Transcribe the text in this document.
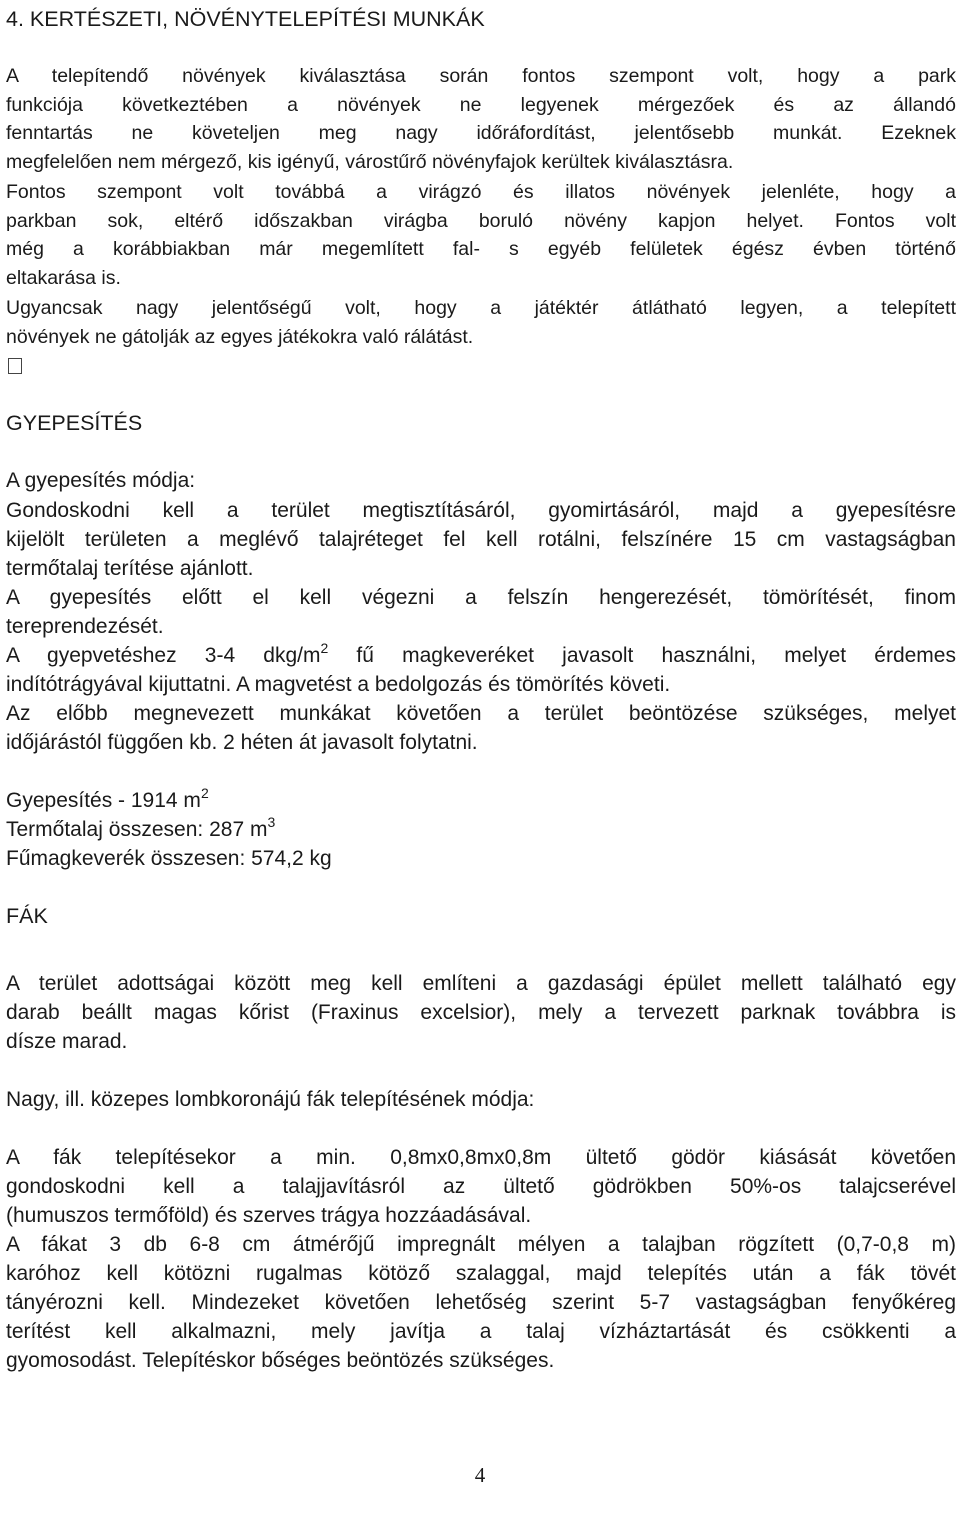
4. KERTÉSZETI, NÖVÉNYTELEPÍTÉSI MUNKÁK
A telepítendő növények kiválasztása során fontos szempont volt, hogy a park
funkciója következtében a növények ne legyenek mérgezőek és az állandó
fenntartás ne követeljen meg nagy időráfordítást, jelentősebb munkát. Ezeknek
megfelelően nem mérgező, kis igényű, várostűrő növényfajok kerültek kiválasztásra.
Fontos szempont volt továbbá a virágzó és illatos növények jelenléte, hogy a
parkban sok, eltérő időszakban virágba boruló növény kapjon helyet. Fontos volt
még a korábbiakban már megemlített fal- s egyéb felületek égész évben történő
eltakarása is.
Ugyancsak nagy jelentőségű volt, hogy a játéktér átlátható legyen, a telepített
növények ne gátolják az egyes játékokra való rálátást.
GYEPESÍTÉS
A gyepesítés módja:
Gondoskodni kell a terület megtisztításáról, gyomirtásáról, majd a gyepesítésre
kijelölt területen a meglévő talajréteget fel kell rotálni, felszínére 15 cm vastagságban
termőtalaj terítése ajánlott.
A gyepesítés előtt el kell végezni a felszín hengerezését, tömörítését, finom
tereprendezését.
A gyepvetéshez 3-4 dkg/$m^2$ fű magkeveréket javasolt használni, melyet érdemes
indítótrágyával kijuttatni. A magvetést a bedolgozás és tömörítés követi.
Az előbb megnevezett munkákat követően a terület beöntözése szükséges, melyet
időjárástól függően kb. 2 héten át javasolt folytatni.
Gyepesítés - 1914 $m^2$
Termőtalaj összesen: 287 $m^3$
Fűmagkeverék összesen: 574,2 kg
FÁK
A terület adottságai között meg kell említeni a gazdasági épület mellett található egy
darab beállt magas kőrist (Fraxinus excelsior), mely a tervezett parknak továbbra is
dísze marad.
Nagy, ill. közepes lombkoronájú fák telepítésének módja:
A fák telepítésekor a min. 0,8mx0,8mx0,8m ültető gödör kiásását követően
gondoskodni kell a talajjavításról az ültető gödrökben 50%-os talajcserével
(humuszos termőföld) és szerves trágya hozzáadásával.
A fákat 3 db 6-8 cm átmérőjű impregnált mélyen a talajban rögzített (0,7-0,8 m)
karóhoz kell kötözni rugalmas kötöző szalaggal, majd telepítés után a fák tövét
tányérozni kell. Mindezeket követően lehetőség szerint 5-7 vastagságban fenyőkéreg
terítést kell alkalmazni, mely javítja a talaj vízháztartását és csökkenti a
gyomosodást. Telepítéskor bőséges beöntözés szükséges.
4
